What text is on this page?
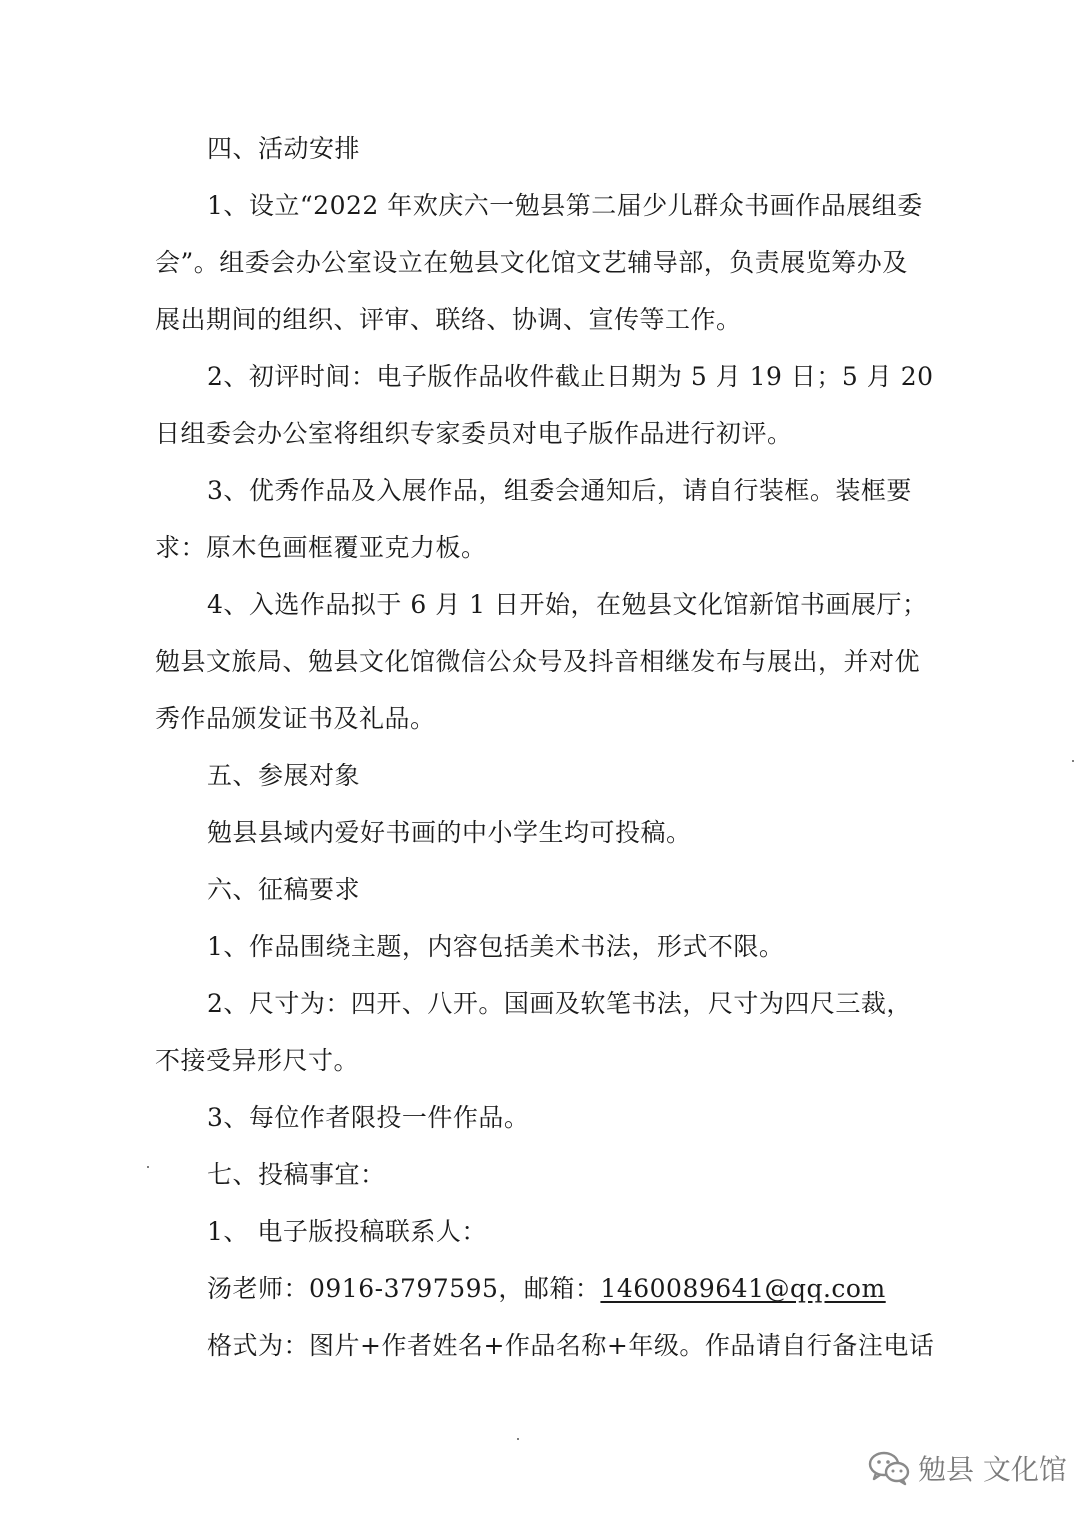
四、活动安排
1、设立“2022 年欢庆六一勉县第二届少儿群众书画作品展组委
会”。组委会办公室设立在勉县文化馆文艺辅导部，负责展览筹办及
展出期间的组织、评审、联络、协调、宣传等工作。
2、初评时间：电子版作品收件截止日期为 5 月 19 日；5 月 20
日组委会办公室将组织专家委员对电子版作品进行初评。
3、优秀作品及入展作品，组委会通知后，请自行装框。装框要
求：原木色画框覆亚克力板。
4、入选作品拟于 6 月 1 日开始，在勉县文化馆新馆书画展厅；
勉县文旅局、勉县文化馆微信公众号及抖音相继发布与展出，并对优
秀作品颁发证书及礼品。
五、参展对象
勉县县域内爱好书画的中小学生均可投稿。
六、征稿要求
1、作品围绕主题，内容包括美术书法，形式不限。
2、尺寸为：四开、八开。国画及软笔书法，尺寸为四尺三裁，
不接受异形尺寸。
3、每位作者限投一件作品。
七、投稿事宜：
1、 电子版投稿联系人：
汤老师：0916-3797595，邮箱：1460089641@qq.com
格式为：图片+作者姓名+作品名称+年级。作品请自行备注电话
勉县 文化馆
